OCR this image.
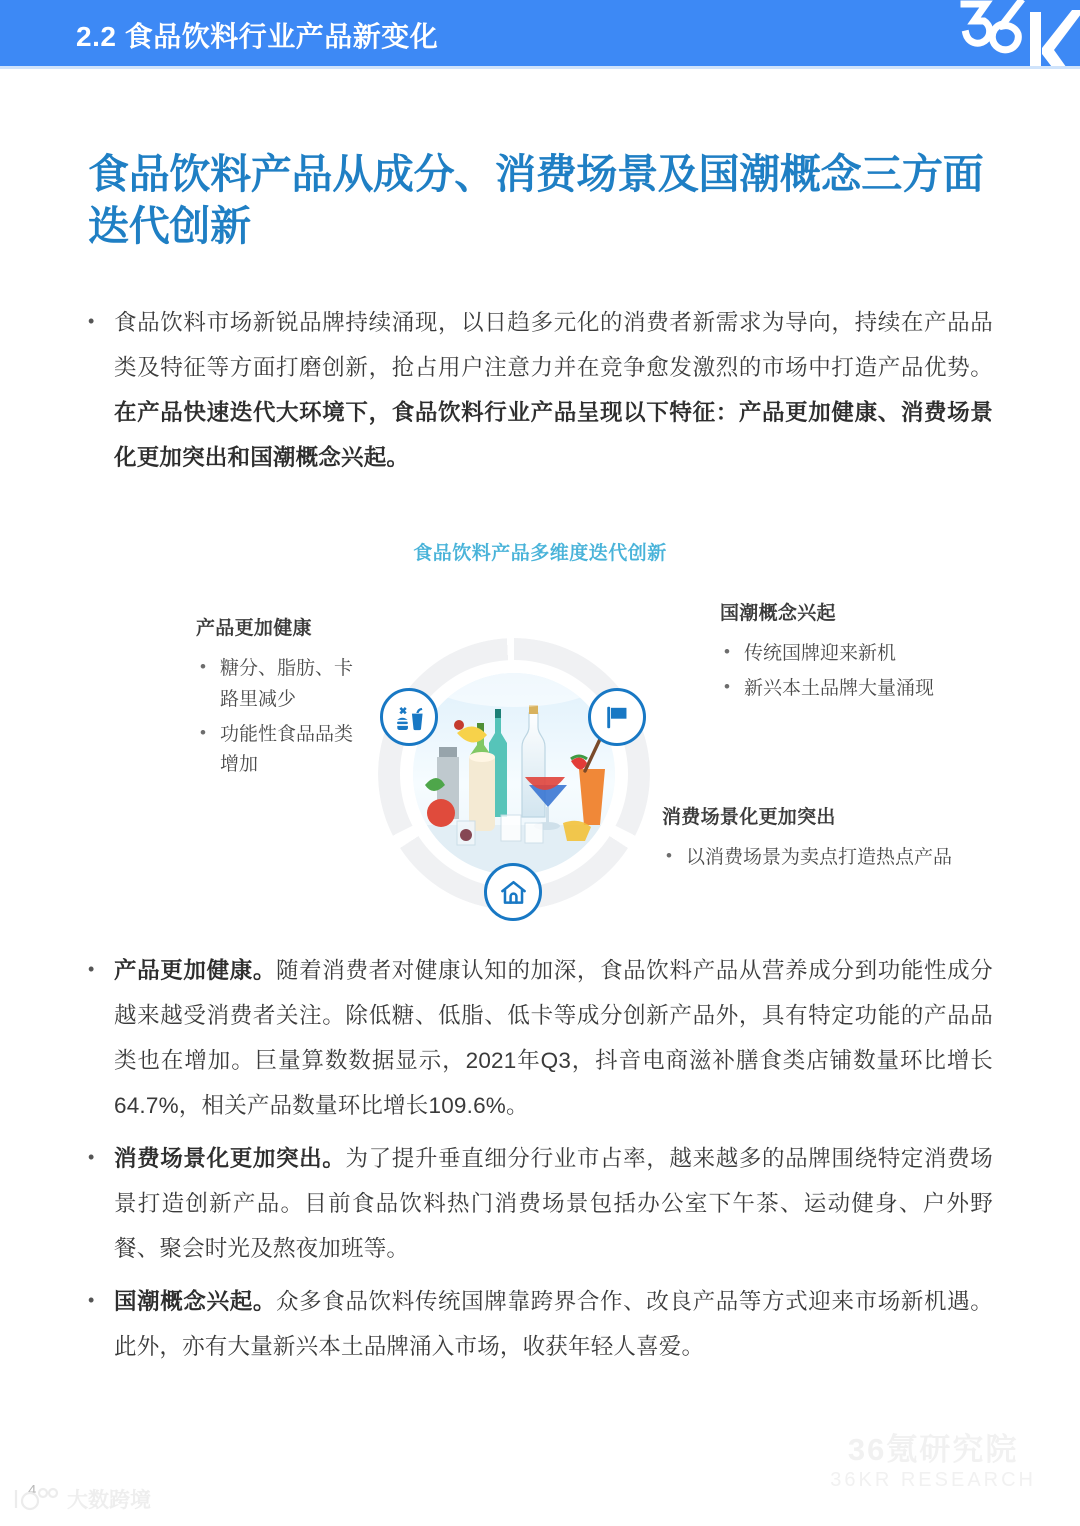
2.2 食品饮料行业产品新变化
食品饮料产品从成分、消费场景及国潮概念三方面迭代创新
•

食品饮料市场新锐品牌持续涌现，以日趋多元化的消费者新需求为导向，持续在产品品类及特征等方面打磨创新，抢占用户注意力并在竞争愈发激烈的市场中打造产品优势。在产品快速迭代大环境下，食品饮料行业产品呈现以下特征：产品更加健康、消费场景化更加突出和国潮概念兴起。

食品饮料产品多维度迭代创新
产品更加健康
• 糖分、脂肪、卡路里减少
• 功能性食品品类增加
国潮概念兴起
• 传统国牌迎来新机
• 新兴本土品牌大量涌现
消费场景化更加突出
• 以消费场景为卖点打造热点产品
•

产品更加健康。随着消费者对健康认知的加深，食品饮料产品从营养成分到功能性成分越来越受消费者关注。除低糖、低脂、低卡等成分创新产品外，具有特定功能的产品品类也在增加。巨量算数数据显示，2021年Q3，抖音电商滋补膳食类店铺数量环比增长64.7%，相关产品数量环比增长109.6%。

•

消费场景化更加突出。为了提升垂直细分行业市占率，越来越多的品牌围绕特定消费场景打造创新产品。目前食品饮料热门消费场景包括办公室下午茶、运动健身、户外野餐、聚会时光及熬夜加班等。

•

国潮概念兴起。众多食品饮料传统国牌靠跨界合作、改良产品等方式迎来市场新机遇。此外，亦有大量新兴本土品牌涌入市场，收获年轻人喜爱。

36氪研究院
36KR RESEARCH
4 大数跨境
